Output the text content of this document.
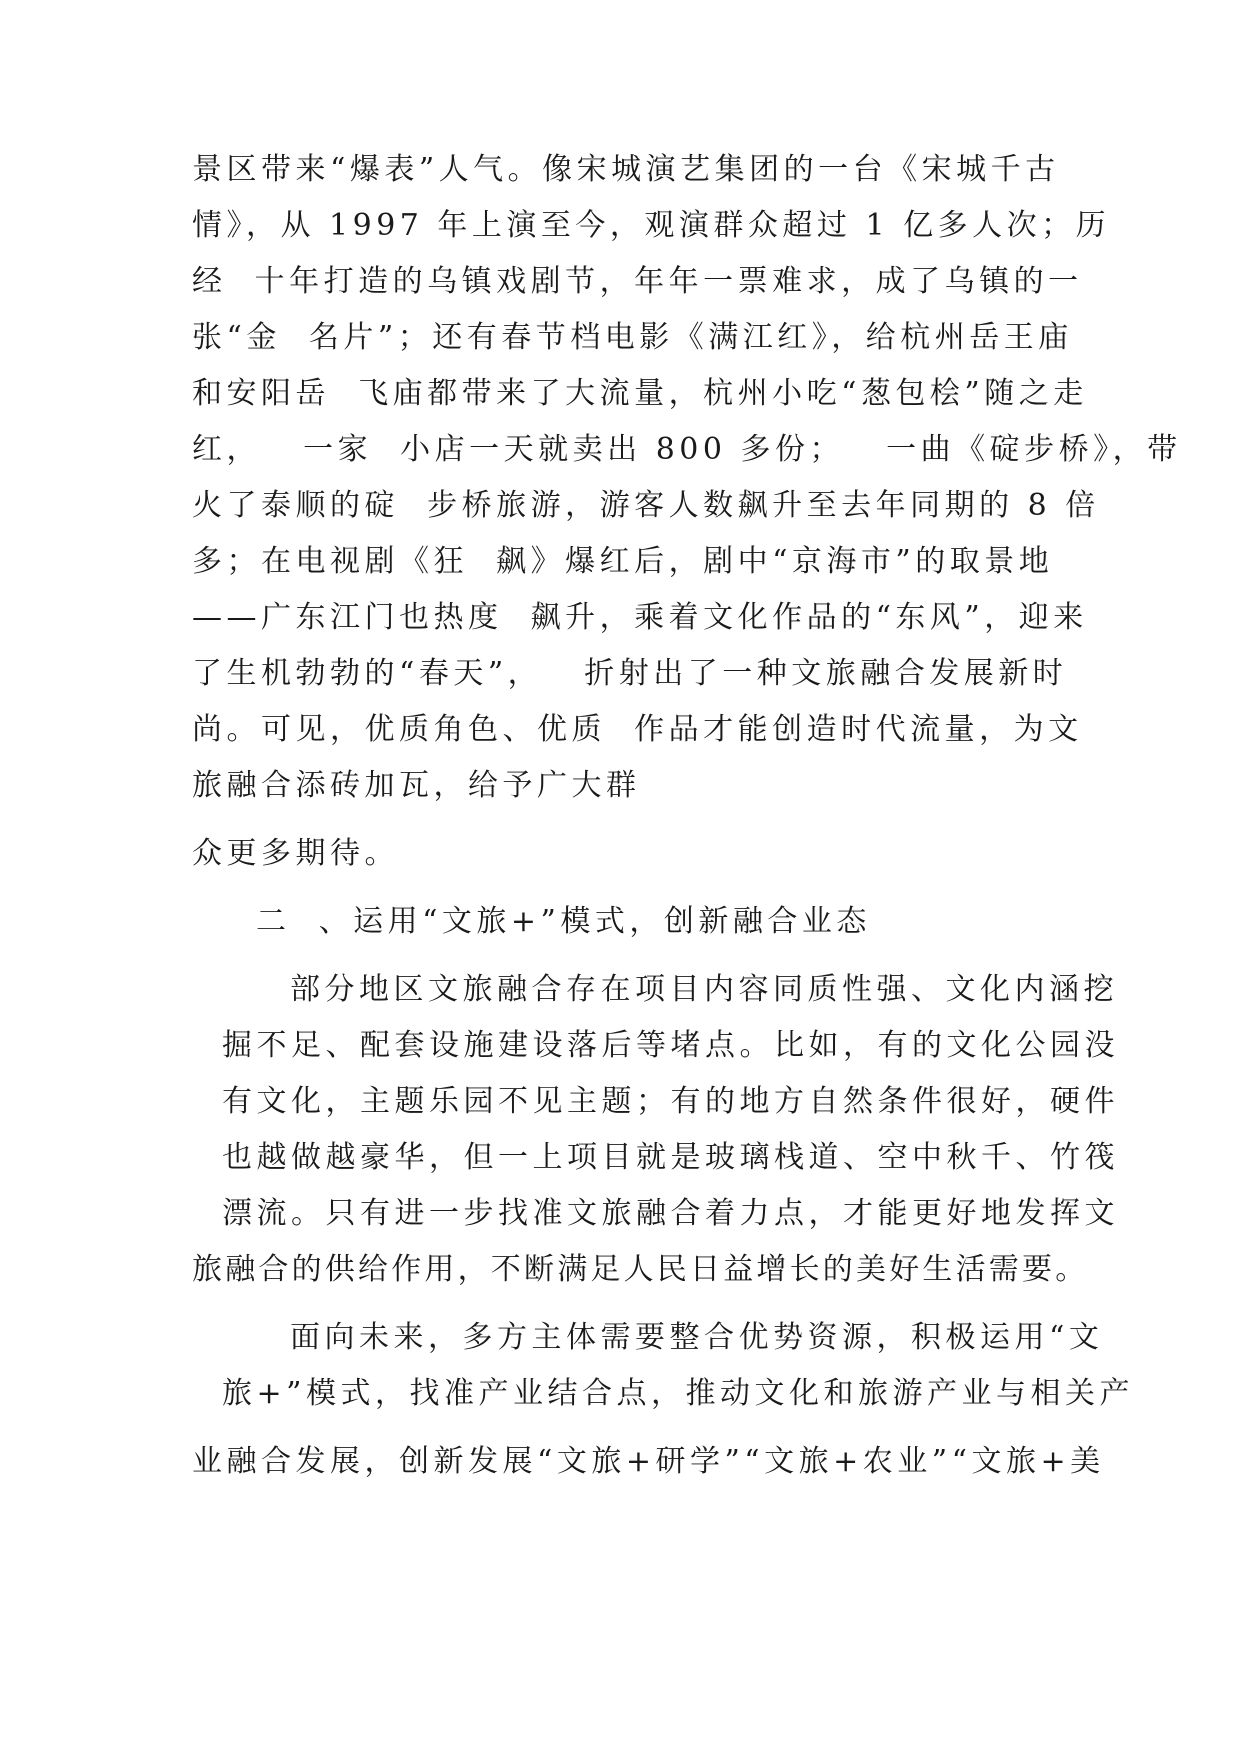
景区带来“爆表”人气。像宋城演艺集团的一台《宋城千古
情》，从 1997 年上演至今，观演群众超过 1 亿多人次；历
经  十年打造的乌镇戏剧节，年年一票难求，成了乌镇的一
张“金  名片”；还有春节档电影《满江红》，给杭州岳王庙
和安阳岳  飞庙都带来了大流量，杭州小吃“葱包桧”随之走
红，   一家  小店一天就卖出 800 多份；   一曲《碇步桥》，带
火了泰顺的碇  步桥旅游，游客人数飙升至去年同期的 8 倍
多；在电视剧《狂  飙》爆红后，剧中“京海市”的取景地
——广东江门也热度  飙升，乘着文化作品的“东风”，迎来
了生机勃勃的“春天”，   折射出了一种文旅融合发展新时
尚。可见，优质角色、优质  作品才能创造时代流量，为文
旅融合添砖加瓦，给予广大群
众更多期待。
二  、运用“文旅+”模式，创新融合业态
部分地区文旅融合存在项目内容同质性强、文化内涵挖
掘不足、配套设施建设落后等堵点。比如，有的文化公园没
有文化，主题乐园不见主题；有的地方自然条件很好，硬件
也越做越豪华，但一上项目就是玻璃栈道、空中秋千、竹筏
漂流。只有进一步找准文旅融合着力点，才能更好地发挥文
旅融合的供给作用，不断满足人民日益增长的美好生活需要。
面向未来，多方主体需要整合优势资源，积极运用“文
旅+”模式，找准产业结合点，推动文化和旅游产业与相关产
业融合发展，创新发展“文旅+研学”“文旅+农业”“文旅+美
